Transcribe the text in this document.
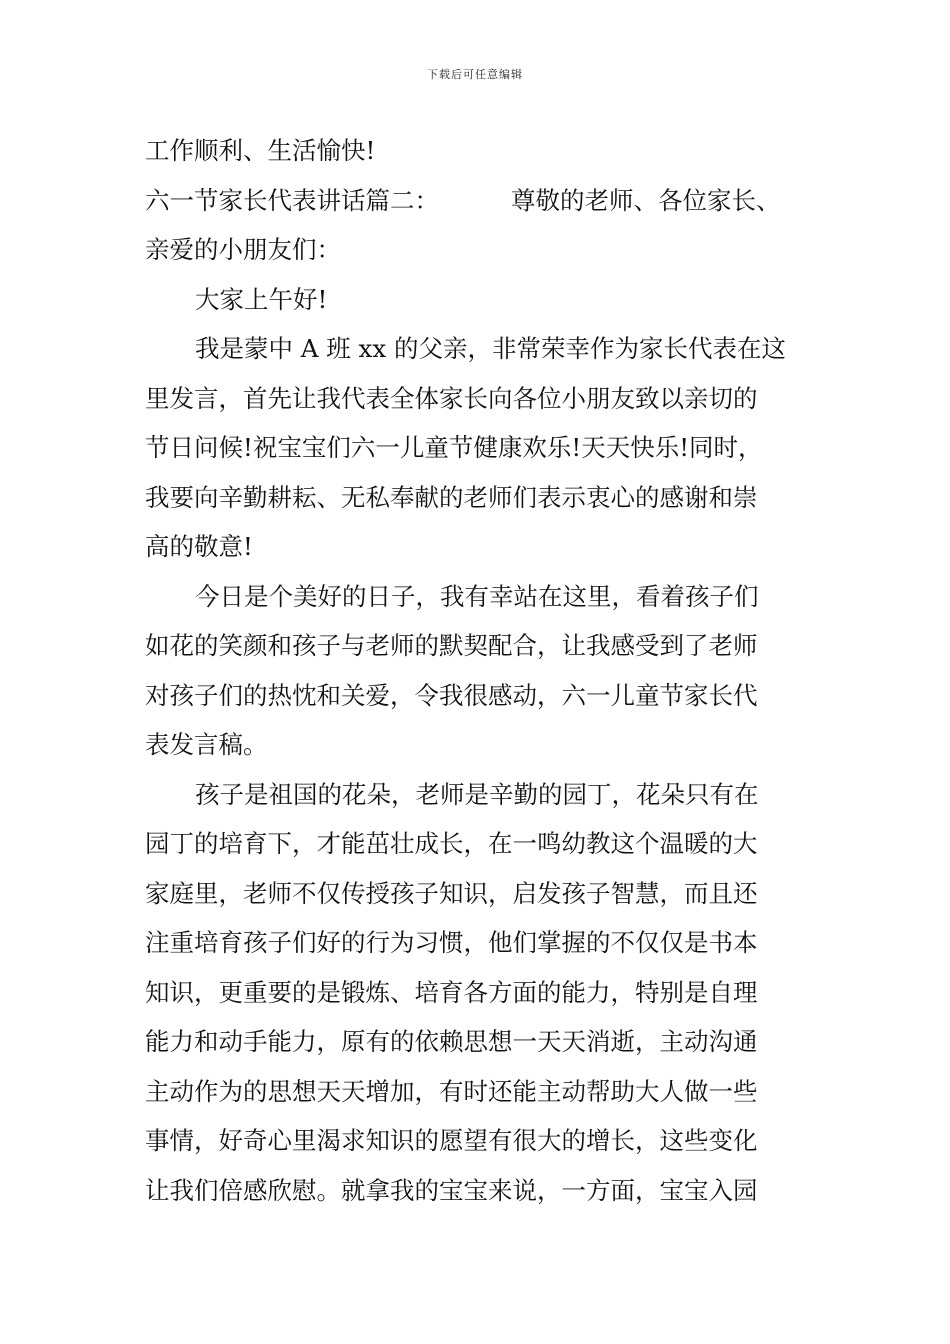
下载后可任意编辑
工作顺利、生活愉快!
六一节家长代表讲话篇二：	尊敬的老师、各位家长、
亲爱的小朋友们：
大家上午好!
我是蒙中 A 班 xx 的父亲，非常荣幸作为家长代表在这
里发言，首先让我代表全体家长向各位小朋友致以亲切的
节日问候!祝宝宝们六一儿童节健康欢乐!天天快乐!同时，
我要向辛勤耕耘、无私奉献的老师们表示衷心的感谢和崇
高的敬意!
今日是个美好的日子，我有幸站在这里，看着孩子们
如花的笑颜和孩子与老师的默契配合，让我感受到了老师
对孩子们的热忱和关爱，令我很感动，六一儿童节家长代
表发言稿。
孩子是祖国的花朵，老师是辛勤的园丁，花朵只有在
园丁的培育下，才能茁壮成长，在一鸣幼教这个温暖的大
家庭里，老师不仅传授孩子知识，启发孩子智慧，而且还
注重培育孩子们好的行为习惯，他们掌握的不仅仅是书本
知识，更重要的是锻炼、培育各方面的能力，特别是自理
能力和动手能力，原有的依赖思想一天天消逝，主动沟通
主动作为的思想天天增加，有时还能主动帮助大人做一些
事情，好奇心里渴求知识的愿望有很大的增长，这些变化
让我们倍感欣慰。就拿我的宝宝来说，一方面，宝宝入园
